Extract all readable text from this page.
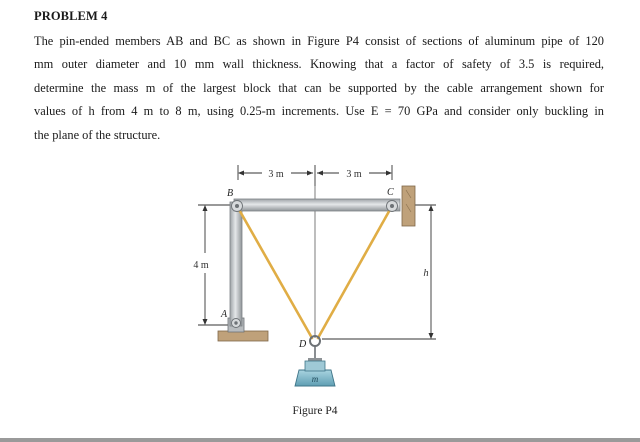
PROBLEM 4
The pin-ended members AB and BC as shown in Figure P4 consist of sections of aluminum pipe of 120
mm outer diameter and 10 mm wall thickness. Knowing that a factor of safety of 3.5 is required,
determine the mass m of the largest block that can be supported by the cable arrangement shown for
values of h from 4 m to 8 m, using 0.25-m increments. Use E = 70 GPa and consider only buckling in
the plane of the structure.
3 m	3 m
4 m
h
m
B	C
A
D
Figure P4
